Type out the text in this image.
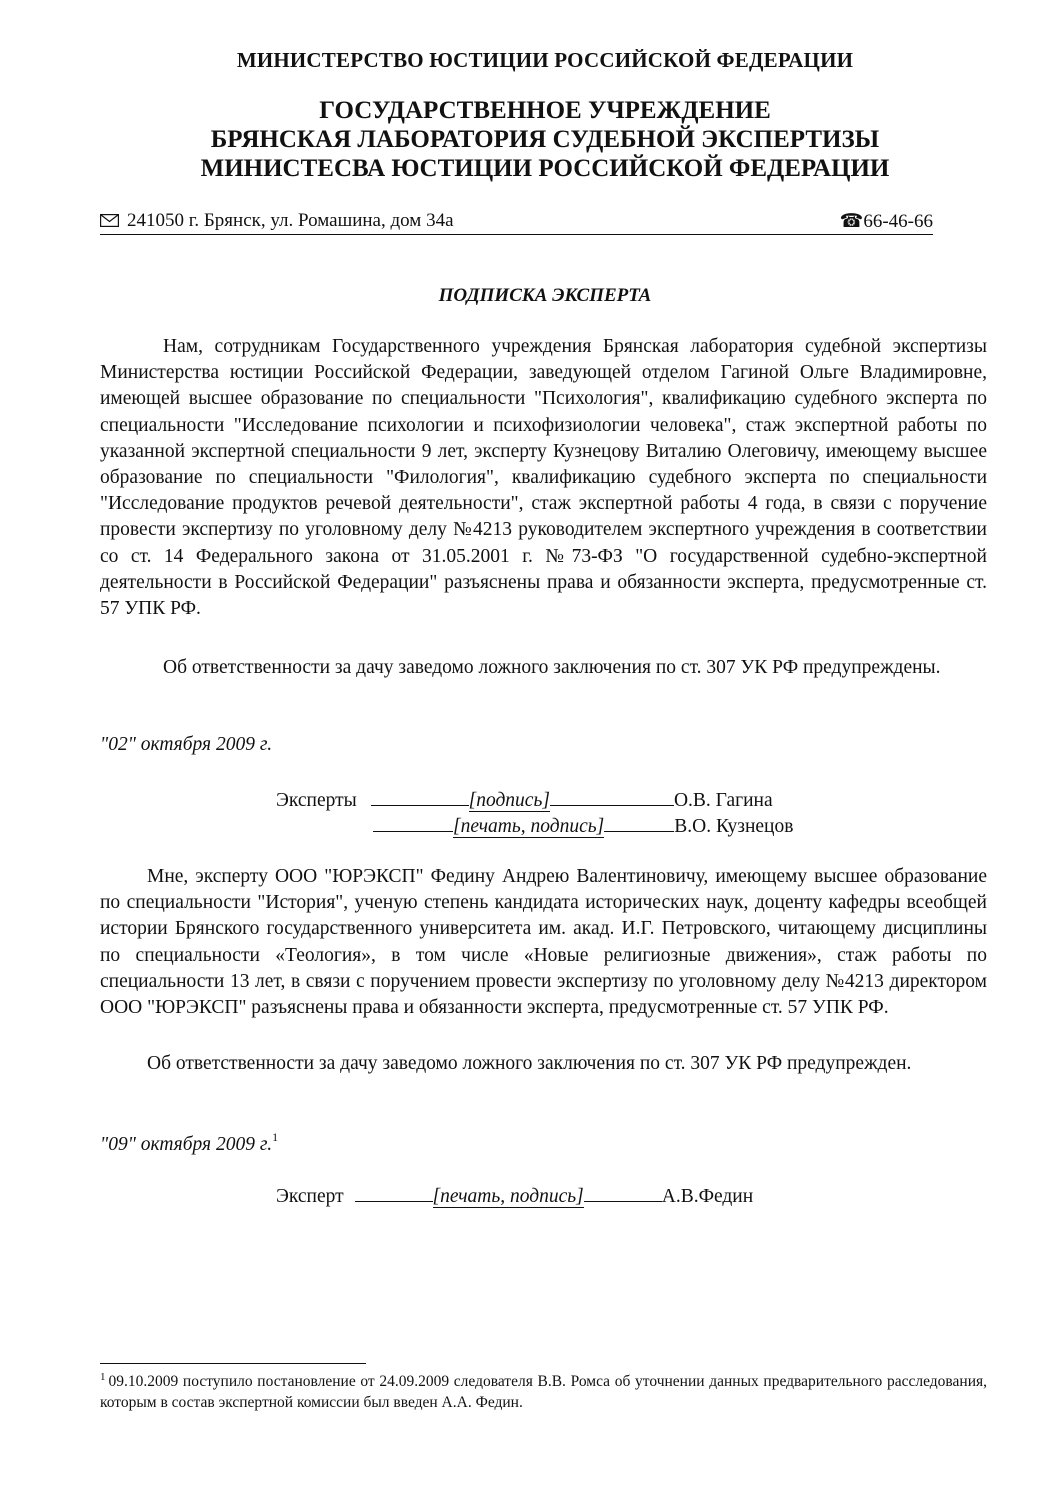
МИНИСТЕРСТВО ЮСТИЦИИ РОССИЙСКОЙ ФЕДЕРАЦИИ
ГОСУДАРСТВЕННОЕ УЧРЕЖДЕНИЕ
БРЯНСКАЯ ЛАБОРАТОРИЯ СУДЕБНОЙ ЭКСПЕРТИЗЫ
МИНИСТЕСВА ЮСТИЦИИ РОССИЙСКОЙ ФЕДЕРАЦИИ
241050 г. Брянск, ул. Ромашина, дом 34а	☎66-46-66
ПОДПИСКА ЭКСПЕРТА

Нам, сотрудникам Государственного учреждения Брянская лаборатория судебной экспертизы Министерства юстиции Российской Федерации, заведующей отделом Гагиной Ольге Владимировне, имеющей высшее образование по специальности "Психология", квалификацию судебного эксперта по специальности "Исследование психологии и психофизиологии человека", стаж экспертной работы по указанной экспертной специальности 9 лет, эксперту Кузнецову Виталию Олеговичу, имеющему высшее образование по специальности "Филология", квалификацию судебного эксперта по специальности "Исследование продуктов речевой деятельности", стаж экспертной работы 4 года, в связи с поручение провести экспертизу по уголовному делу №4213 руководителем экспертного учреждения в соответствии со ст. 14 Федерального закона от 31.05.2001 г. №73-ФЗ "О государственной судебно-экспертной деятельности в Российской Федерации" разъяснены права и обязанности эксперта, предусмотренные ст. 57 УПК РФ.

Об ответственности за дачу заведомо ложного заключения по ст. 307 УК РФ предупреждены.

"02" октября 2009 г.
Эксперты	[подпись]	О.В. Гагина
[печать, подпись]	В.О. Кузнецов

Мне, эксперту ООО "ЮРЭКСП" Федину Андрею Валентиновичу, имеющему высшее образование по специальности "История", ученую степень кандидата исторических наук, доценту кафедры всеобщей истории Брянского государственного университета им. акад. И.Г. Петровского, читающему дисциплины по специальности «Теология», в том числе «Новые религиозные движения», стаж работы по специальности 13 лет, в связи с поручением провести экспертизу по уголовному делу №4213 директором ООО "ЮРЭКСП" разъяснены права и обязанности эксперта, предусмотренные ст. 57 УПК РФ.

Об ответственности за дачу заведомо ложного заключения по ст. 307 УК РФ предупрежден.

"09" октября 2009 г.$^1$
Эксперт	[печать, подпись]	А.В.Федин

$^1$ 09.10.2009 поступило постановление от 24.09.2009 следователя В.В. Ромса об уточнении данных предварительного расследования, которым в состав экспертной комиссии был введен А.А. Федин.
